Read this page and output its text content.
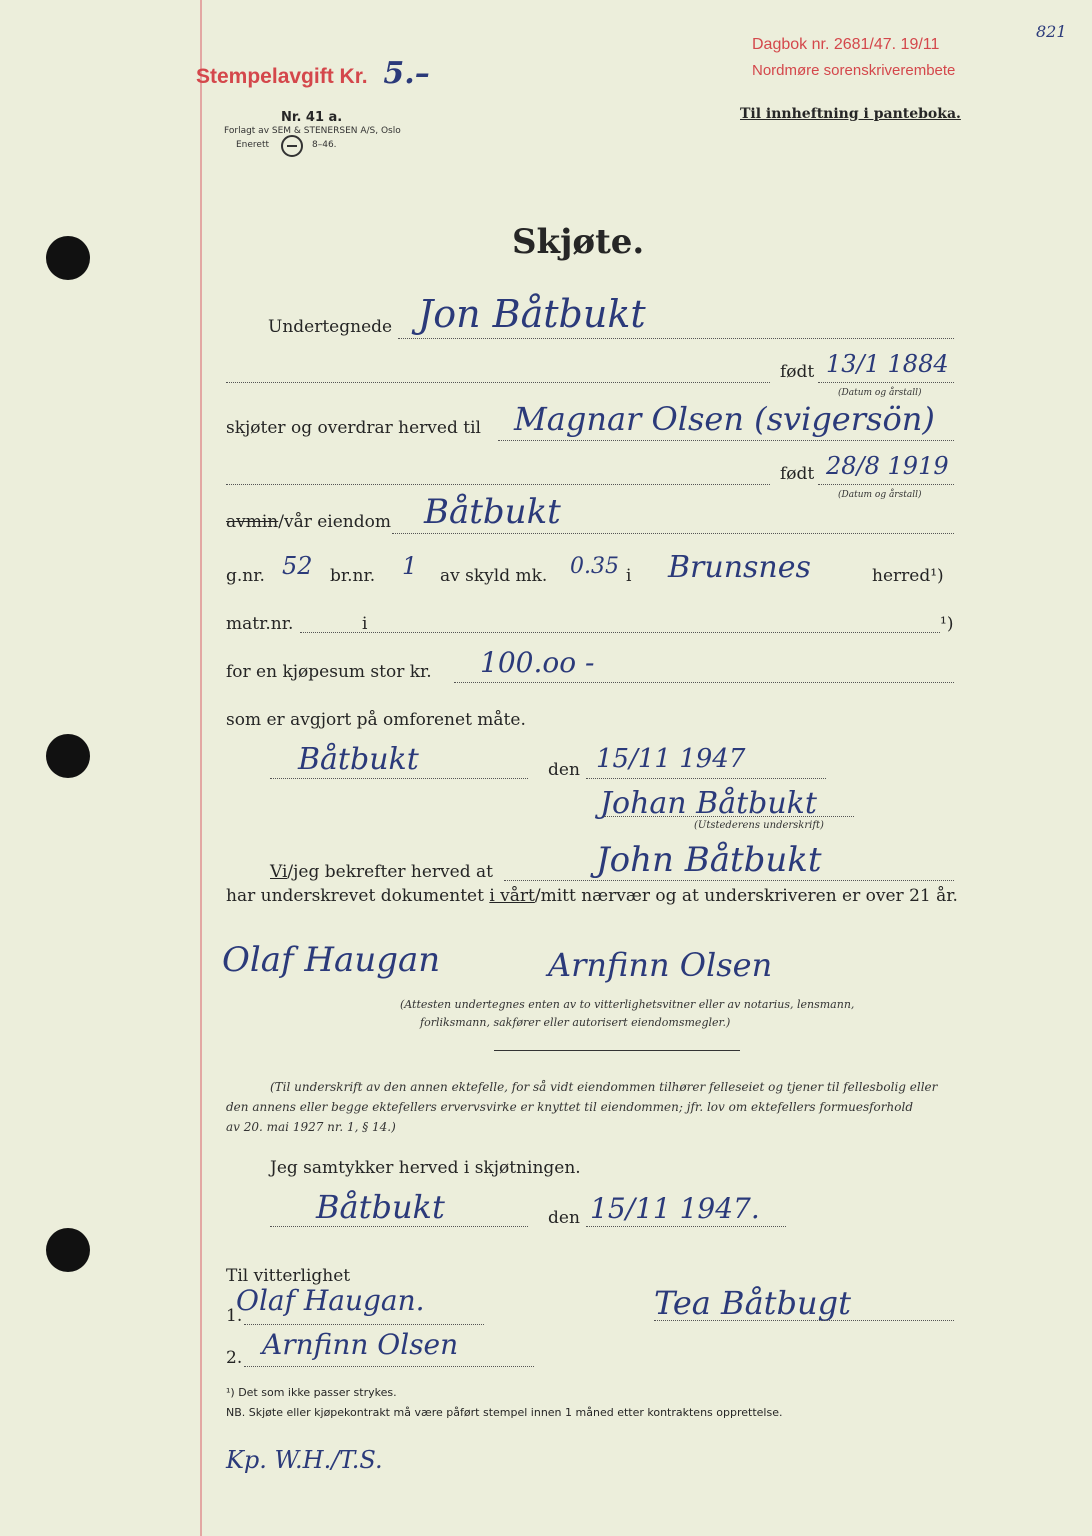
Stempelavgift Kr. 5.–
Dagbok nr. 2681/47. 19/11
Nordmøre sorenskriverembete
821
Nr. 41 a.
Forlagt av SEM & STENERSEN A/S, Oslo
Enerett	8–46.
Til innheftning i panteboka.
Skjøte.
Undertegnede Jon Båtbukt
født 13/1 1884
(Datum og årstall)
skjøter og overdrar herved til Magnar Olsen (svigersön)
født 28/8 1919
(Datum og årstall)
avmin/vår eiendom Båtbukt
g.nr. 52 br.nr. 1 av skyld mk. 0.35 i Brunsnes	herred¹)
matr.nr.	i	¹)
for en kjøpesum stor kr. 100.oo -
som er avgjort på omforenet måte.
Båtbukt	den 15/11 1947
Johan Båtbukt
(Utstederens underskrift)
Vi/jeg bekrefter herved at	John Båtbukt
har underskrevet dokumentet i vårt/mitt nærvær og at underskriveren er over 21 år.
Olaf Haugan	Arnfinn Olsen
(Attesten undertegnes enten av to vitterlighetsvitner eller av notarius, lensmann,
forliksmann, sakfører eller autorisert eiendomsmegler.)
(Til underskrift av den annen ektefelle, for så vidt eiendommen tilhører felleseiet og tjener til fellesbolig eller
den annens eller begge ektefellers ervervsvirke er knyttet til eiendommen; jfr. lov om ektefellers formuesforhold
av 20. mai 1927 nr. 1, § 14.)
Jeg samtykker herved i skjøtningen.
Båtbukt	den 15/11 1947.
Til vitterlighet
1.
Olaf Haugan.	Tea Båtbugt
2. Arnfinn Olsen
¹) Det som ikke passer strykes.
NB. Skjøte eller kjøpekontrakt må være påført stempel innen 1 måned etter kontraktens opprettelse.
Kp. W.H./T.S.
